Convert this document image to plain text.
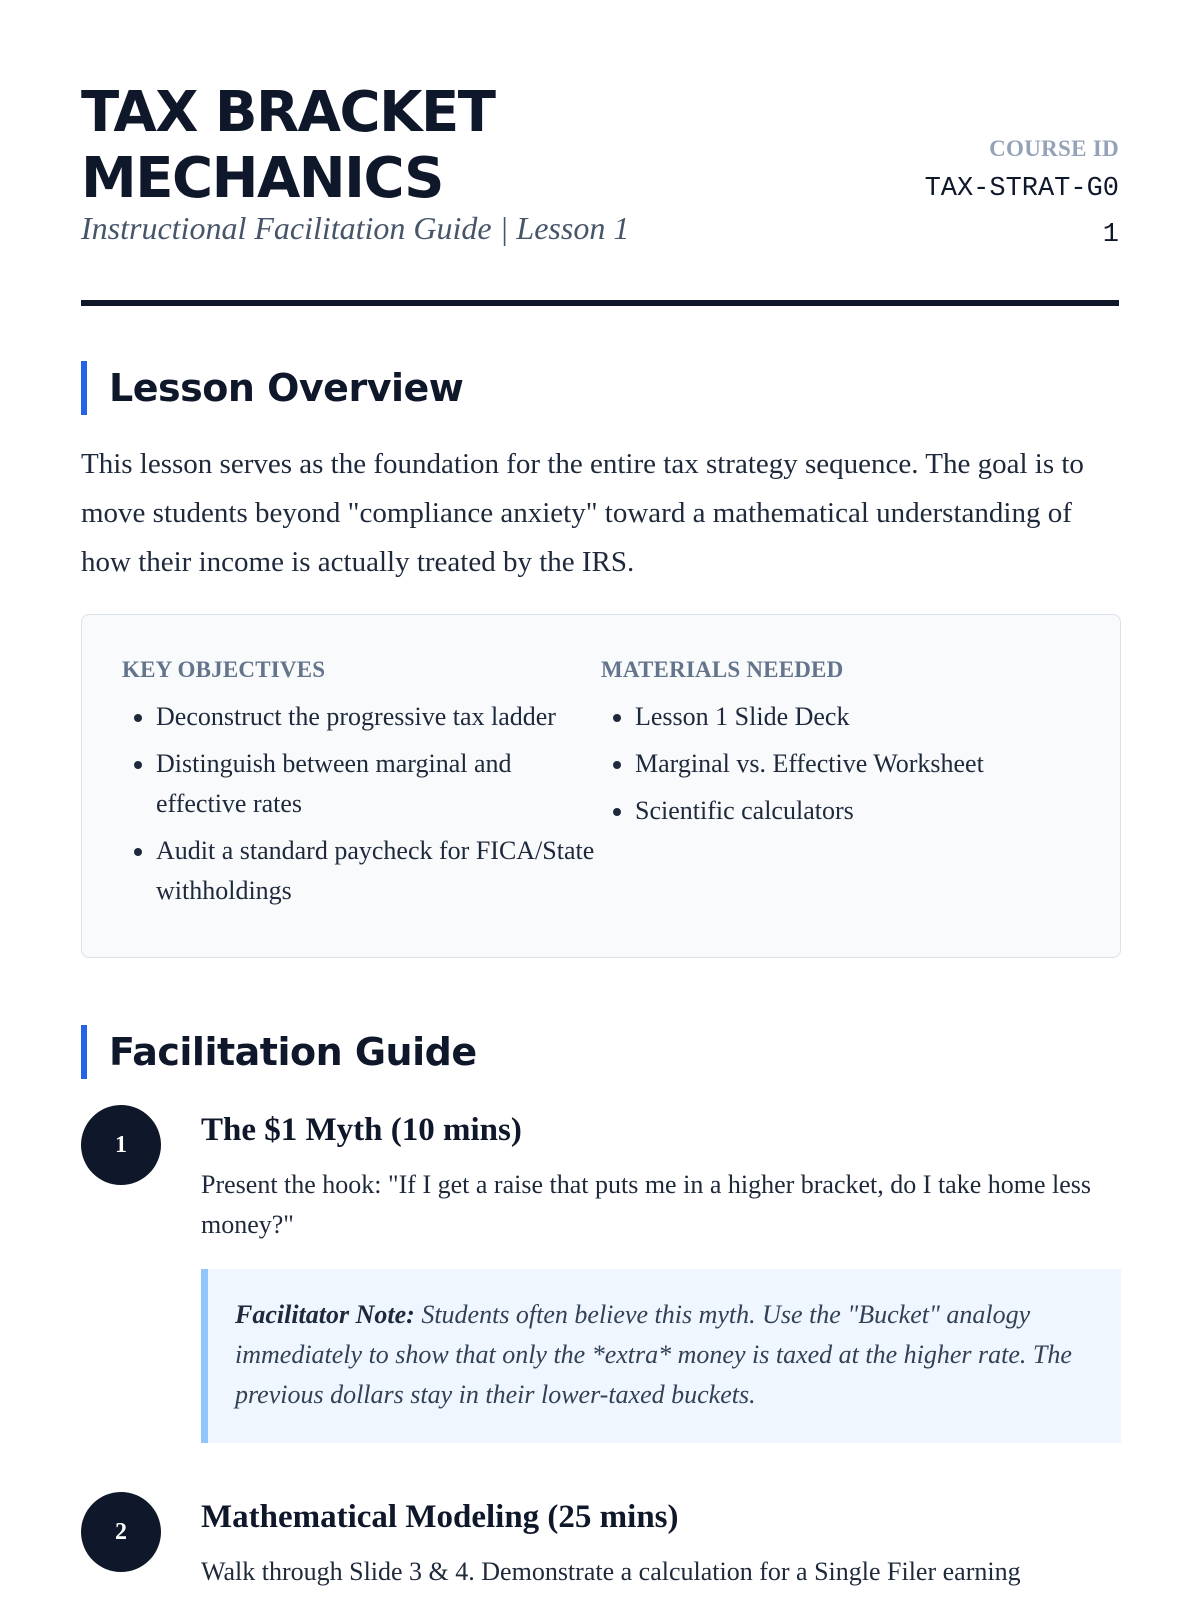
TAX BRACKET MECHANICS
Instructional Facilitation Guide | Lesson 1
COURSE ID
TAX-STRAT-G01
Lesson Overview

This lesson serves as the foundation for the entire tax strategy sequence. The goal is to move students beyond "compliance anxiety" toward a mathematical understanding of how their income is actually treated by the IRS.

KEY OBJECTIVES
• Deconstruct the progressive tax ladder
• Distinguish between marginal and effective rates
• Audit a standard paycheck for FICA/State withholdings
MATERIALS NEEDED
• Lesson 1 Slide Deck
• Marginal vs. Effective Worksheet
• Scientific calculators
Facilitation Guide
1	The $1 Myth (10 mins)
Present the hook: "If I get a raise that puts me in a higher bracket, do I take home less money?"
Facilitator Note: Students often believe this myth. Use the "Bucket" analogy immediately to show that only the *extra* money is taxed at the higher rate. The previous dollars stay in their lower-taxed buckets.
2	Mathematical Modeling (25 mins)
Walk through Slide 3 & 4. Demonstrate a calculation for a Single Filer earning
